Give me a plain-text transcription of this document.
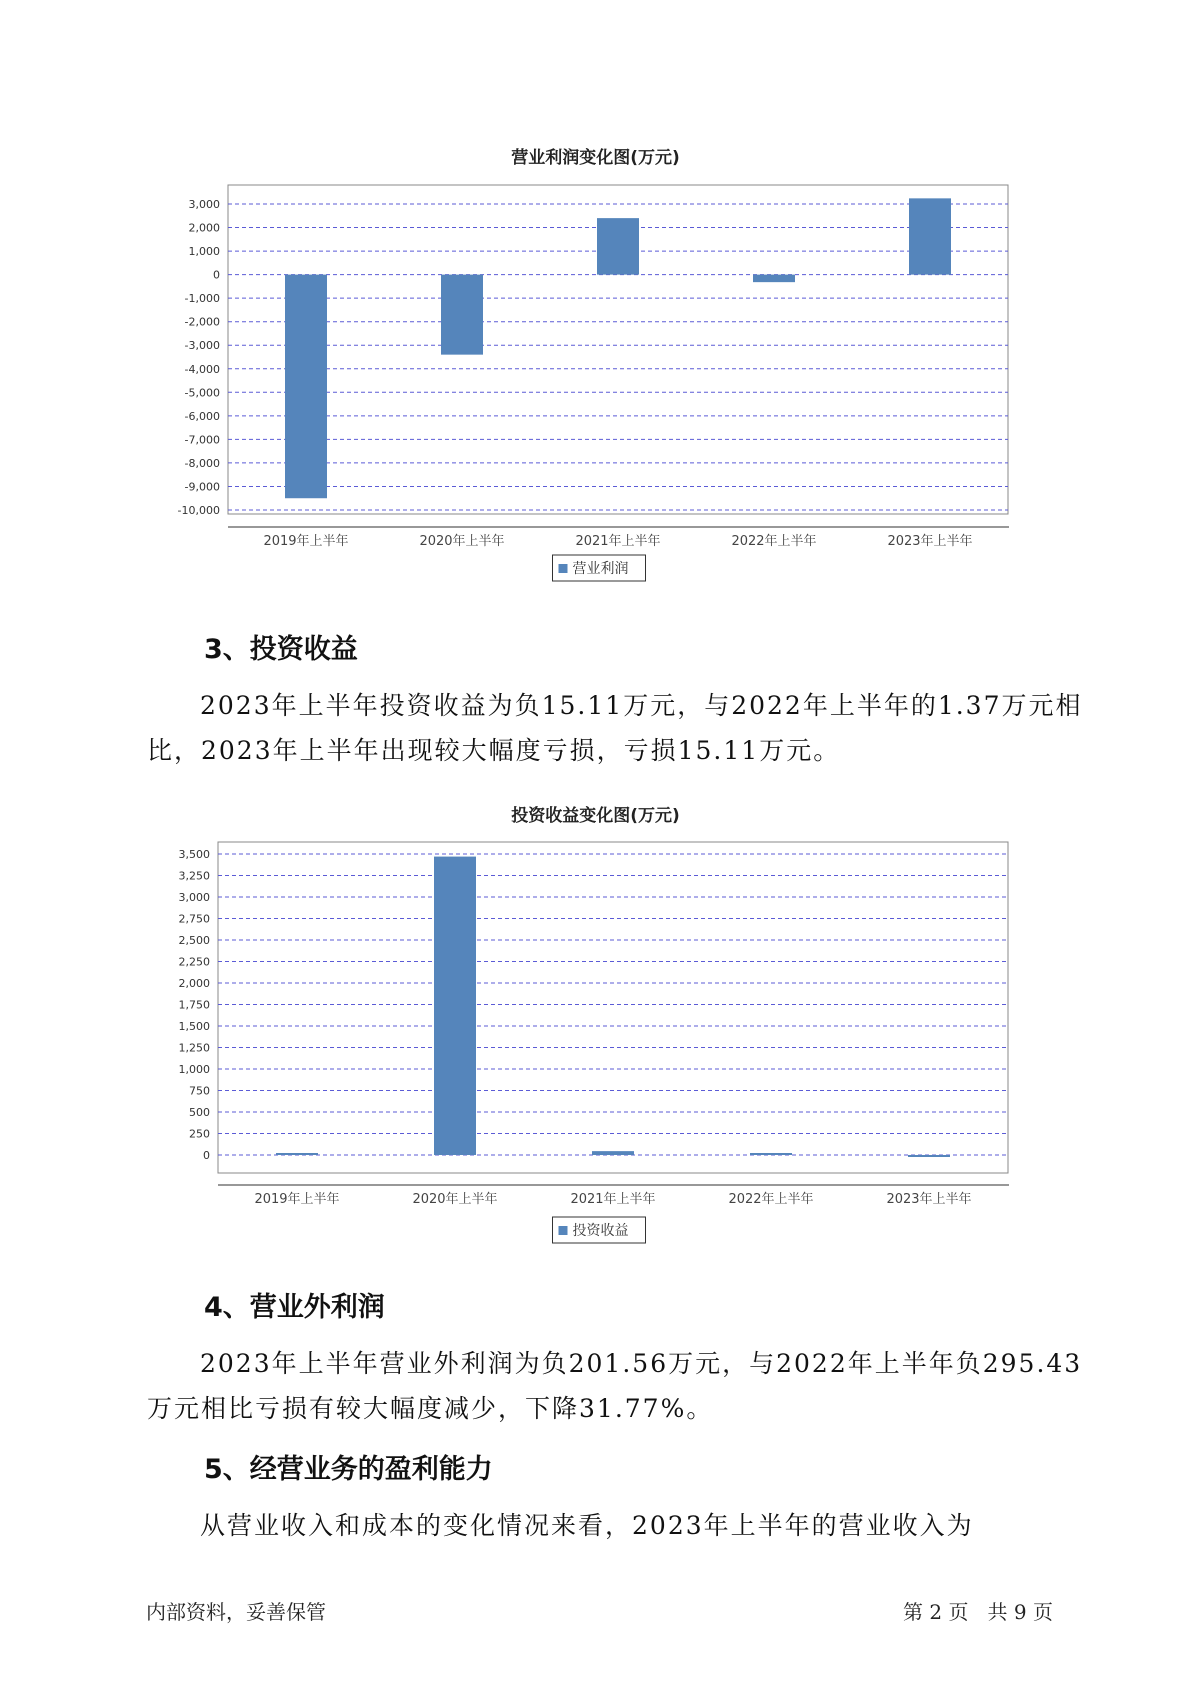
营业利润变化图(万元)
3,000
2,000
1,000
0
-1,000
-2,000
-3,000
-4,000
-5,000
-6,000
-7,000
-8,000
-9,000
-10,000
2019年上半年	2020年上半年	2021年上半年	2022年上半年	2023年上半年
营业利润
3、投资收益
2023年上半年投资收益为负15.11万元，与2022年上半年的1.37万元相
比，2023年上半年出现较大幅度亏损，亏损15.11万元。
投资收益变化图(万元)
3,500
3,250
3,000
2,750
2,500
2,250
2,000
1,750
1,500
1,250
1,000
750
500
250
0
2019年上半年	2020年上半年	2021年上半年	2022年上半年	2023年上半年
投资收益
4、营业外利润
2023年上半年营业外利润为负201.56万元，与2022年上半年负295.43
万元相比亏损有较大幅度减少，下降31.77%。
5、经营业务的盈利能力
从营业收入和成本的变化情况来看，2023年上半年的营业收入为
内部资料，妥善保管	第 2 页   共 9 页
